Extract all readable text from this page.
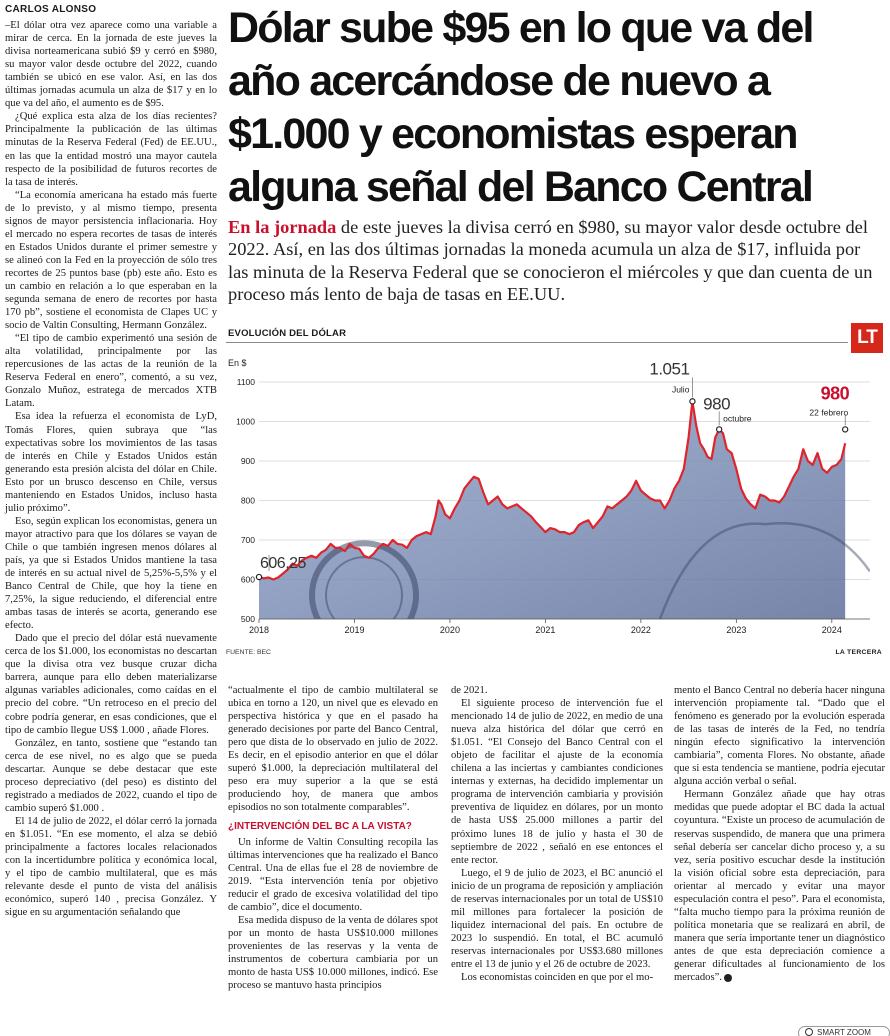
CARLOS ALONSO

–El dólar otra vez aparece como una variable a mirar de cerca. En la jornada de este jueves la divisa norteamericana subió $9 y cerró en $980, su mayor valor desde octubre del 2022, cuando también se ubicó en ese valor. Así, en las dos últimas jornadas acumula un alza de $17 y en lo que va del año, el aumento es de $95.

¿Qué explica esta alza de los días recientes? Principalmente la publicación de las últimas minutas de la Reserva Federal (Fed) de EE.UU., en las que la entidad mostró una mayor cautela respecto de la posibilidad de futuros recortes de la tasa de interés.

“La economía americana ha estado más fuerte de lo previsto, y al mismo tiempo, presenta signos de mayor persistencia inflacionaria. Hoy el mercado no espera recortes de tasas de interés en Estados Unidos durante el primer semestre y se alineó con la Fed en la proyección de sólo tres recortes de 25 puntos base (pb) este año. Esto es un cambio en relación a lo que esperaban en la segunda semana de enero de recortes por hasta 170 pb”, sostiene el economista de Clapes UC y socio de Valtin Consulting, Hermann González.

“El tipo de cambio experimentó una sesión de alta volatilidad, principalmente por las repercusiones de las actas de la reunión de la Reserva Federal en enero”, comentó, a su vez, Gonzalo Muñoz, estratega de mercados XTB Latam.

Esa idea la refuerza el economista de LyD, Tomás Flores, quien subraya que “las expectativas sobre los movimientos de las tasas de interés en Chile y Estados Unidos están generando esta presión alcista del dólar en Chile. Esto por un brusco descenso en Chile, versus manteniendo en Estados Unidos, incluso hasta julio próximo”.

Eso, según explican los economistas, genera un mayor atractivo para que los dólares se vayan de Chile o que también ingresen menos dólares al país, ya que si Estados Unidos mantiene la tasa de interés en su actual nivel de 5,25%-5,5% y el Banco Central de Chile, que hoy la tiene en 7,25%, la sigue reduciendo, el diferencial entre ambas tasas de interés se acorta, generando ese efecto.

Dado que el precio del dólar está nuevamente cerca de los $1.000, los economistas no descartan que la divisa otra vez busque cruzar dicha barrera, aunque para ello deben materializarse algunas variables adicionales, como caídas en el precio del cobre. “Un retroceso en el precio del cobre podría generar, en esas condiciones, que el tipo de cambio llegue US$ 1.000 , añade Flores.

González, en tanto, sostiene que “estando tan cerca de ese nivel, no es algo que se pueda descartar. Aunque se debe destacar que este proceso depreciativo (del peso) es distinto del registrado a mediados de 2022, cuando el tipo de cambio superó $1.000 .

El 14 de julio de 2022, el dólar cerró la jornada en $1.051. “En ese momento, el alza se debió principalmente a factores locales relacionados con la incertidumbre política y económica local, y el tipo de cambio multilateral, que es más relevante desde el punto de vista del análisis económico, superó 140 , precisa González. Y sigue en su argumentación señalando que

Dólar sube $95 en lo que va del año acercándose de nuevo a $1.000 y economistas esperan alguna señal del Banco Central
En la jornada de este jueves la divisa cerró en $980, su mayor valor desde octubre del 2022. Así, en las dos últimas jornadas la moneda acumula un alza de $17, influida por las minuta de la Reserva Federal que se conocieron el miércoles y que dan cuenta de un proceso más lento de baja de tasas en EE.UU.
500
600
700
800
900
1000
1100
En $
2018	2019	2020	2021	2022	2023	2024
606,25
1.051
Julio
980
octubre
980
22 febrero
EVOLUCIÓN DEL DÓLAR	LT
FUENTE: BEC	LA TERCERA

“actualmente el tipo de cambio multilateral se ubica en torno a 120, un nivel que es elevado en perspectiva histórica y que en el pasado ha generado decisiones por parte del Banco Central, pero que dista de lo observado en julio de 2022. Es decir, en el episodio anterior en que el dólar superó $1.000, la depreciación multilateral del peso era muy superior a la que se está produciendo hoy, de manera que ambos episodios no son totalmente comparables”.

¿INTERVENCIÓN DEL BC A LA VISTA?

Un informe de Valtin Consulting recopila las últimas intervenciones que ha realizado el Banco Central. Una de ellas fue el 28 de noviembre de 2019. “Esta intervención tenía por objetivo reducir el grado de excesiva volatilidad del tipo de cambio”, dice el documento.

Esa medida dispuso de la venta de dólares spot por un monto de hasta US$10.000 millones provenientes de las reservas y la venta de instrumentos de cobertura cambiaria por un monto de hasta US$ 10.000 millones, indicó. Ese proceso se mantuvo hasta principios

de 2021.

El siguiente proceso de intervención fue el mencionado 14 de julio de 2022, en medio de una nueva alza histórica del dólar que cerró en $1.051. “El Consejo del Banco Central con el objeto de facilitar el ajuste de la economía chilena a las inciertas y cambiantes condiciones internas y externas, ha decidido implementar un programa de intervención cambiaria y provisión preventiva de liquidez en dólares, por un monto de hasta US$ 25.000 millones a partir del próximo lunes 18 de julio y hasta el 30 de septiembre de 2022 , señaló en ese entonces el ente rector.

Luego, el 9 de julio de 2023, el BC anunció el inicio de un programa de reposición y ampliación de reservas internacionales por un total de US$10 mil millones para fortalecer la posición de liquidez internacional del país. En octubre de 2023 lo suspendió. En total, el BC acumuló reservas internacionales por US$3.680 millones entre el 13 de junio y el 26 de octubre de 2023.

Los economistas coinciden en que por el mo-

mento el Banco Central no debería hacer ninguna intervención propiamente tal. “Dado que el fenómeno es generado por la evolución esperada de las tasas de interés de la Fed, no tendría ningún efecto significativo la intervención cambiaria”, comenta Flores. No obstante, añade que si esta tendencia se mantiene, podría ejecutar alguna acción verbal o señal.

Hermann González añade que hay otras medidas que puede adoptar el BC dada la actual coyuntura. “Existe un proceso de acumulación de reservas suspendido, de manera que una primera señal debería ser cancelar dicho proceso y, a su vez, sería positivo escuchar desde la institución la visión oficial sobre esta depreciación, para orientar al mercado y evitar una mayor especulación contra el peso”. Para el economista, “falta mucho tiempo para la próxima reunión de política monetaria que se realizará en abril, de manera que sería importante tener un diagnóstico antes de que esta depreciación comience a generar dificultades al funcionamiento de los mercados”.

SMART ZOOM
